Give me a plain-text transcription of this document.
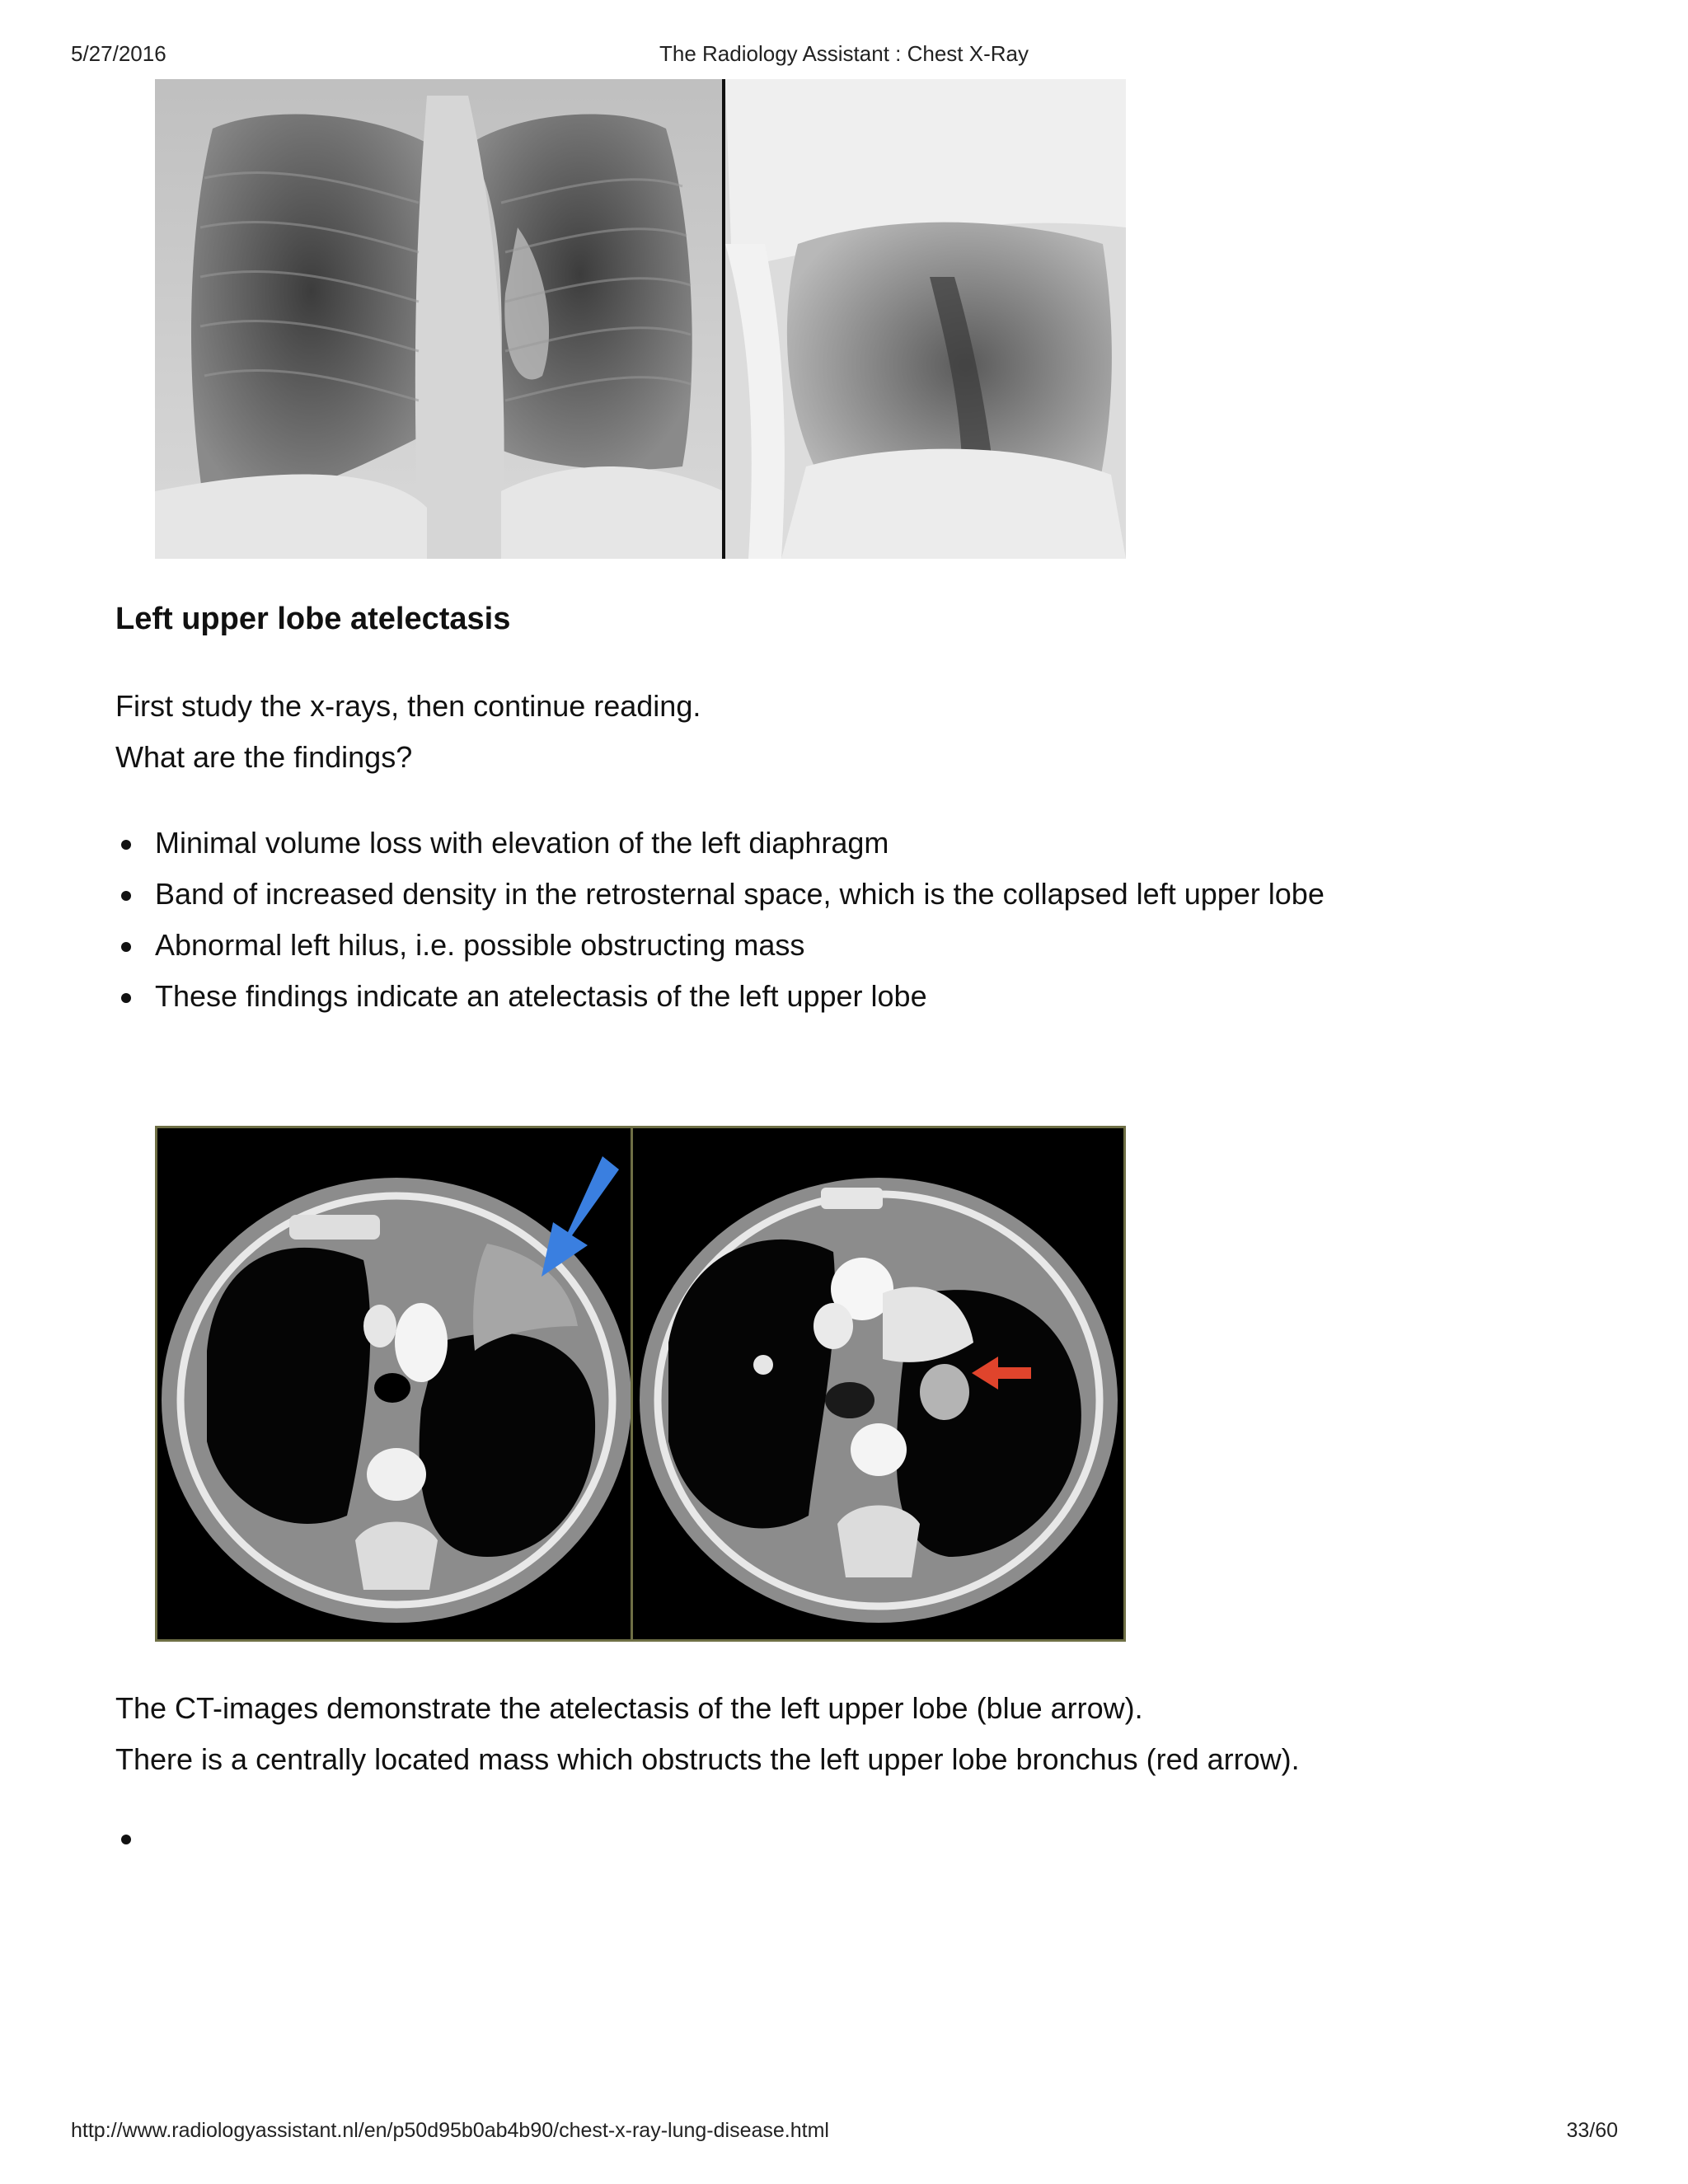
5/27/2016	The Radiology Assistant : Chest X-Ray
Left upper lobe atelectasis
First study the x-rays, then continue reading.
What are the findings?
Minimal volume loss with elevation of the left diaphragm
Band of increased density in the retrosternal space, which is the collapsed left upper lobe
Abnormal left hilus, i.e. possible obstructing mass
These findings indicate an atelectasis of the left upper lobe
The CT-images demonstrate the atelectasis of the left upper lobe (blue arrow).
There is a centrally located mass which obstructs the left upper lobe bronchus (red arrow).
http://www.radiologyassistant.nl/en/p50d95b0ab4b90/chest-x-ray-lung-disease.html	33/60
